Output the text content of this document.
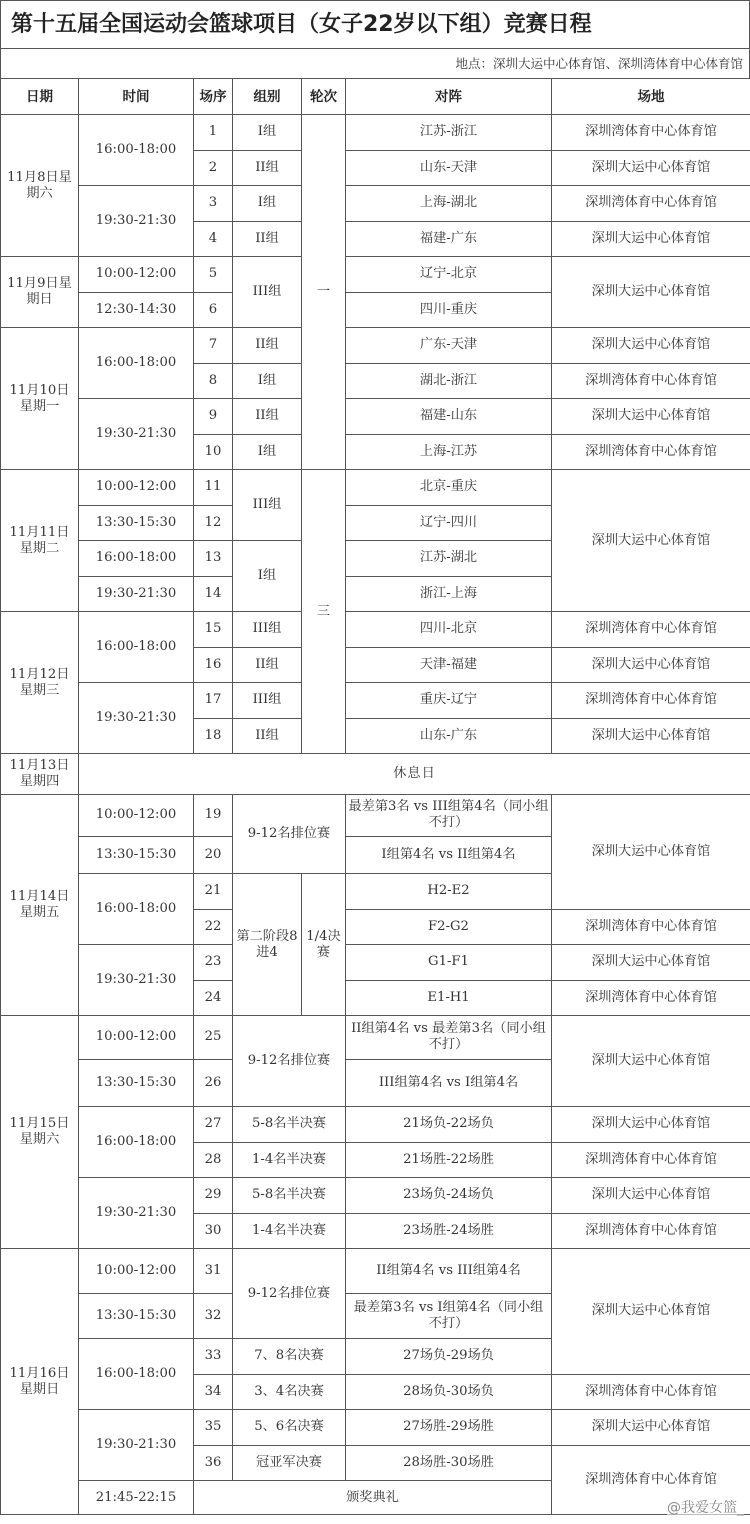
第十五届全国运动会篮球项目（女子22岁以下组）竞赛日程
地点：深圳大运中心体育馆、深圳湾体育中心体育馆
日期	时间	场序	组别	轮次	对阵	场地
11月8日星期六	16:00-18:00	1	I组	一	江苏-浙江	深圳湾体育中心体育馆
		2	II组		山东-天津	深圳大运中心体育馆
	19:30-21:30	3	I组		上海-湖北	深圳湾体育中心体育馆
		4	II组		福建-广东	深圳大运中心体育馆
11月9日星期日	10:00-12:00	5	III组		辽宁-北京	深圳大运中心体育馆
	12:30-14:30	6			四川-重庆	
11月10日星期一	16:00-18:00	7	II组		广东-天津	深圳大运中心体育馆
		8	I组		湖北-浙江	深圳湾体育中心体育馆
	19:30-21:30	9	II组		福建-山东	深圳大运中心体育馆
		10	I组		上海-江苏	深圳湾体育中心体育馆
11月11日星期二	10:00-12:00	11	III组	三	北京-重庆	深圳大运中心体育馆
	13:30-15:30	12			辽宁-四川	
	16:00-18:00	13	I组		江苏-湖北	
	19:30-21:30	14			浙江-上海	
11月12日星期三	16:00-18:00	15	III组		四川-北京	深圳湾体育中心体育馆
		16	II组		天津-福建	深圳大运中心体育馆
	19:30-21:30	17	III组		重庆-辽宁	深圳湾体育中心体育馆
		18	II组		山东-广东	深圳大运中心体育馆
11月13日星期四	休息日					
11月14日星期五	10:00-12:00	19	9-12名排位赛		最差第3名 vs III组第4名（同小组不打）	深圳大运中心体育馆
	13:30-15:30	20			I组第4名 vs II组第4名	
	16:00-18:00	21	第二阶段8进4	1/4决赛	H2-E2	
		22			F2-G2	深圳湾体育中心体育馆
	19:30-21:30	23			G1-F1	深圳大运中心体育馆
		24			E1-H1	深圳湾体育中心体育馆
11月15日星期六	10:00-12:00	25	9-12名排位赛		II组第4名 vs 最差第3名（同小组不打）	深圳大运中心体育馆
	13:30-15:30	26			III组第4名 vs I组第4名	
	16:00-18:00	27	5-8名半决赛		21场负-22场负	深圳大运中心体育馆
		28	1-4名半决赛		21场胜-22场胜	深圳湾体育中心体育馆
	19:30-21:30	29	5-8名半决赛		23场负-24场负	深圳大运中心体育馆
		30	1-4名半决赛		23场胜-24场胜	深圳湾体育中心体育馆
11月16日星期日	10:00-12:00	31	9-12名排位赛		II组第4名 vs III组第4名	深圳大运中心体育馆
	13:30-15:30	32			最差第3名 vs I组第4名（同小组不打）	
	16:00-18:00	33	7、8名决赛		27场负-29场负	
		34	3、4名决赛		28场负-30场负	深圳湾体育中心体育馆
	19:30-21:30	35	5、6名决赛		27场胜-29场胜	深圳大运中心体育馆
		36	冠亚军决赛		28场胜-30场胜	深圳湾体育中心体育馆
	21:45-22:15	颁奖典礼				
@我爱女篮_
